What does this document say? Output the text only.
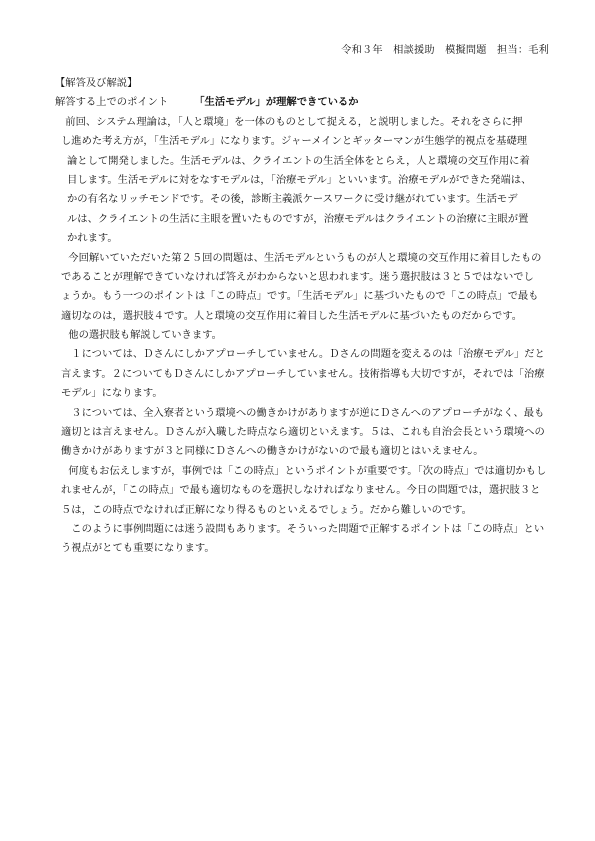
令和３年　相談援助　模擬問題　担当：毛利
【解答及び解説】
解答する上でのポイント	「生活モデル」が理解できているか
　前回、システム理論は，「人と環境」を一体のものとして捉える，と説明しました。それをさらに押
し進めた考え方が，「生活モデル」になります。ジャーメインとギッターマンが生態学的視点を基礎理
論として開発しました。生活モデルは、クライエントの生活全体をとらえ，人と環境の交互作用に着
目します。生活モデルに対をなすモデルは，「治療モデル」といいます。治療モデルができた発端は、
かの有名なリッチモンドです。その後，診断主義派ケースワークに受け継がれています。生活モデ
ルは、クライエントの生活に主眼を置いたものですが，治療モデルはクライエントの治療に主眼が置
かれます。
　今回解いていただいた第２５回の問題は、生活モデルというものが人と環境の交互作用に着目したもの
であることが理解できていなければ答えがわからないと思われます。迷う選択肢は３と５ではないでし
ょうか。もう一つのポイントは「この時点」です。「生活モデル」に基づいたもので「この時点」で最も
適切なのは，選択肢４です。人と環境の交互作用に着目した生活モデルに基づいたものだからです。
　他の選択肢も解説していきます。
　１については、Ｄさんにしかアプローチしていません。Ｄさんの問題を変えるのは「治療モデル」だと
言えます。２についてもＤさんにしかアプローチしていません。技術指導も大切ですが，それでは「治療
モデル」になります。
　３については、全入寮者という環境への働きかけがありますが逆にＤさんへのアプローチがなく、最も
適切とは言えません。Ｄさんが入職した時点なら適切といえます。５は、これも自治会長という環境への
働きかけがありますが３と同様にＤさんへの働きかけがないので最も適切とはいえません。
　何度もお伝えしますが，事例では「この時点」というポイントが重要です。「次の時点」では適切かもし
れませんが，「この時点」で最も適切なものを選択しなければなりません。今日の問題では，選択肢３と
５は，この時点でなければ正解になり得るものといえるでしょう。だから難しいのです。
　このように事例問題には迷う設問もあります。そういった問題で正解するポイントは「この時点」とい
う視点がとても重要になります。
